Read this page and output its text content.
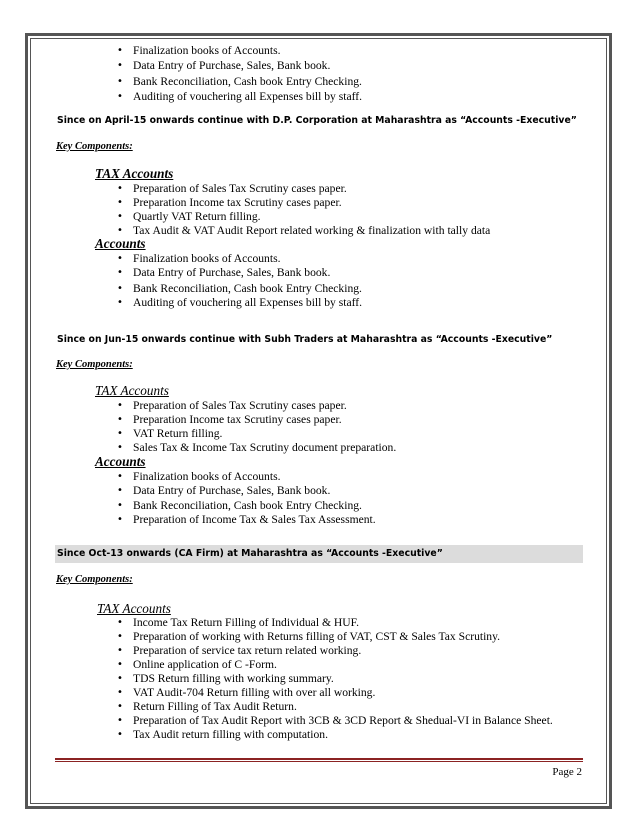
• Finalization books of Accounts.
• Data Entry of Purchase, Sales, Bank book.
• Bank Reconciliation, Cash book Entry Checking.
• Auditing of vouchering all Expenses bill by staff.
Since on April-15 onwards continue with D.P. Corporation at Maharashtra as “Accounts -Executive”
Key Components:
TAX Accounts
• Preparation of Sales Tax Scrutiny cases paper.
• Preparation Income tax Scrutiny cases paper.
• Quartly VAT Return filling.
• Tax Audit & VAT Audit Report related working & finalization with tally data
Accounts
• Finalization books of Accounts.
• Data Entry of Purchase, Sales, Bank book.
• Bank Reconciliation, Cash book Entry Checking.
• Auditing of vouchering all Expenses bill by staff.
Since on Jun-15 onwards continue with Subh Traders at Maharashtra as “Accounts -Executive”
Key Components:
TAX Accounts
• Preparation of Sales Tax Scrutiny cases paper.
• Preparation Income tax Scrutiny cases paper.
• VAT Return filling.
• Sales Tax & Income Tax Scrutiny document preparation.
Accounts
• Finalization books of Accounts.
• Data Entry of Purchase, Sales, Bank book.
• Bank Reconciliation, Cash book Entry Checking.
• Preparation of Income Tax & Sales Tax Assessment.
Since Oct-13 onwards (CA Firm) at Maharashtra as “Accounts -Executive”
Key Components:
TAX Accounts
• Income Tax Return Filling of Individual & HUF.
• Preparation of working with Returns filling of VAT, CST & Sales Tax Scrutiny.
• Preparation of service tax return related working.
• Online application of C -Form.
• TDS Return filling with working summary.
• VAT Audit-704 Return filling with over all working.
• Return Filling of Tax Audit Return.
• Preparation of Tax Audit Report with 3CB & 3CD Report & Shedual-VI in Balance Sheet.
• Tax Audit return filling with computation.
Page 2
